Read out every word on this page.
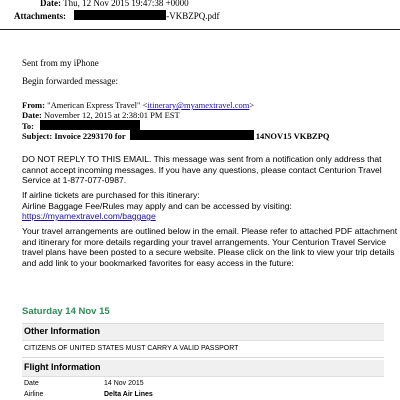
Date: Thu, 12 Nov 2015 19:47:38 +0000
Attachments:	-VKBZPQ.pdf
Sent from my iPhone
Begin forwarded message:
From: "American Express Travel" <itinerary@myamextravel.com>
Date: November 12, 2015 at 2:38:01 PM EST
To:
Subject: Invoice 2293170 for	14NOV15 VKBZPQ
DO NOT REPLY TO THIS EMAIL. This message was sent from a notification only address that
cannot accept incoming messages. If you have any questions, please contact Centurion Travel
Service at 1-877-077-0987.
If airline tickets are purchased for this itinerary:
Airline Baggage Fee/Rules may apply and can be accessed by visiting:
https://myamextravel.com/baggage
Your travel arrangements are outlined below in the email. Please refer to attached PDF attachment
and itinerary for more details regarding your travel arrangements. Your Centurion Travel Service
travel plans have been posted to a secure website. Please click on the link to view your trip details
and add link to your bookmarked favorites for easy access in the future:
Saturday 14 Nov 15
Other Information
CITIZENS OF UNITED STATES MUST CARRY A VALID PASSPORT
Flight Information
Date	14 Nov 2015
Airline	Delta Air Lines
